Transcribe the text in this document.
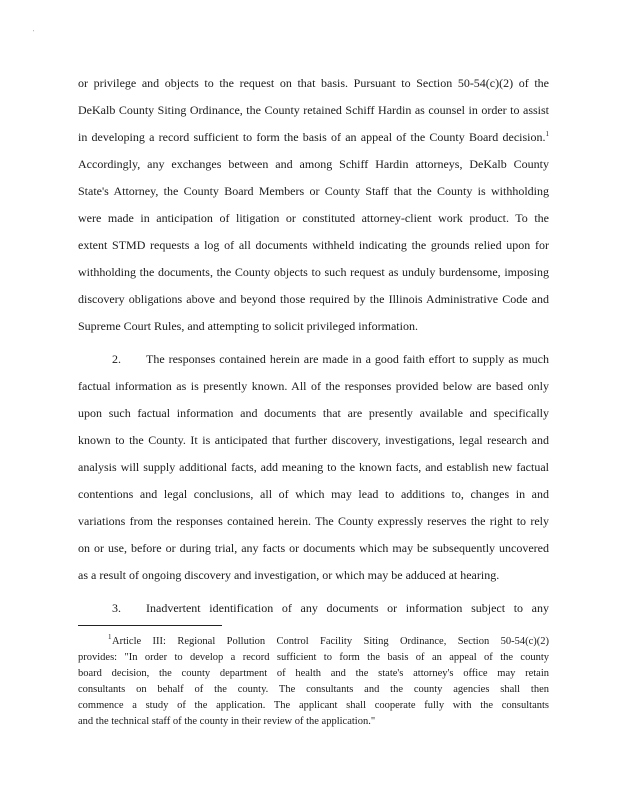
'

or privilege and objects to the request on that basis. Pursuant to Section 50-54(c)(2) of the

DeKalb County Siting Ordinance, the County retained Schiff Hardin as counsel in order to assist

in developing a record sufficient to form the basis of an appeal of the County Board decision.$^1$

Accordingly, any exchanges between and among Schiff Hardin attorneys, DeKalb County

State's Attorney, the County Board Members or County Staff that the County is withholding

were made in anticipation of litigation or constituted attorney-client work product. To the

extent STMD requests a log of all documents withheld indicating the grounds relied upon for

withholding the documents, the County objects to such request as unduly burdensome, imposing

discovery obligations above and beyond those required by the Illinois Administrative Code and

Supreme Court Rules, and attempting to solicit privileged information.

2. The responses contained herein are made in a good faith effort to supply as much

factual information as is presently known. All of the responses provided below are based only

upon such factual information and documents that are presently available and specifically

known to the County. It is anticipated that further discovery, investigations, legal research and

analysis will supply additional facts, add meaning to the known facts, and establish new factual

contentions and legal conclusions, all of which may lead to additions to, changes in and

variations from the responses contained herein. The County expressly reserves the right to rely

on or use, before or during trial, any facts or documents which may be subsequently uncovered

as a result of ongoing discovery and investigation, or which may be adduced at hearing.

3. Inadvertent identification of any documents or information subject to any

1 Article III: Regional Pollution Control Facility Siting Ordinance, Section 50-54(c)(2)

provides: "In order to develop a record sufficient to form the basis of an appeal of the county

board decision, the county department of health and the state's attorney's office may retain

consultants on behalf of the county. The consultants and the county agencies shall then

commence a study of the application. The applicant shall cooperate fully with the consultants

and the technical staff of the county in their review of the application."
